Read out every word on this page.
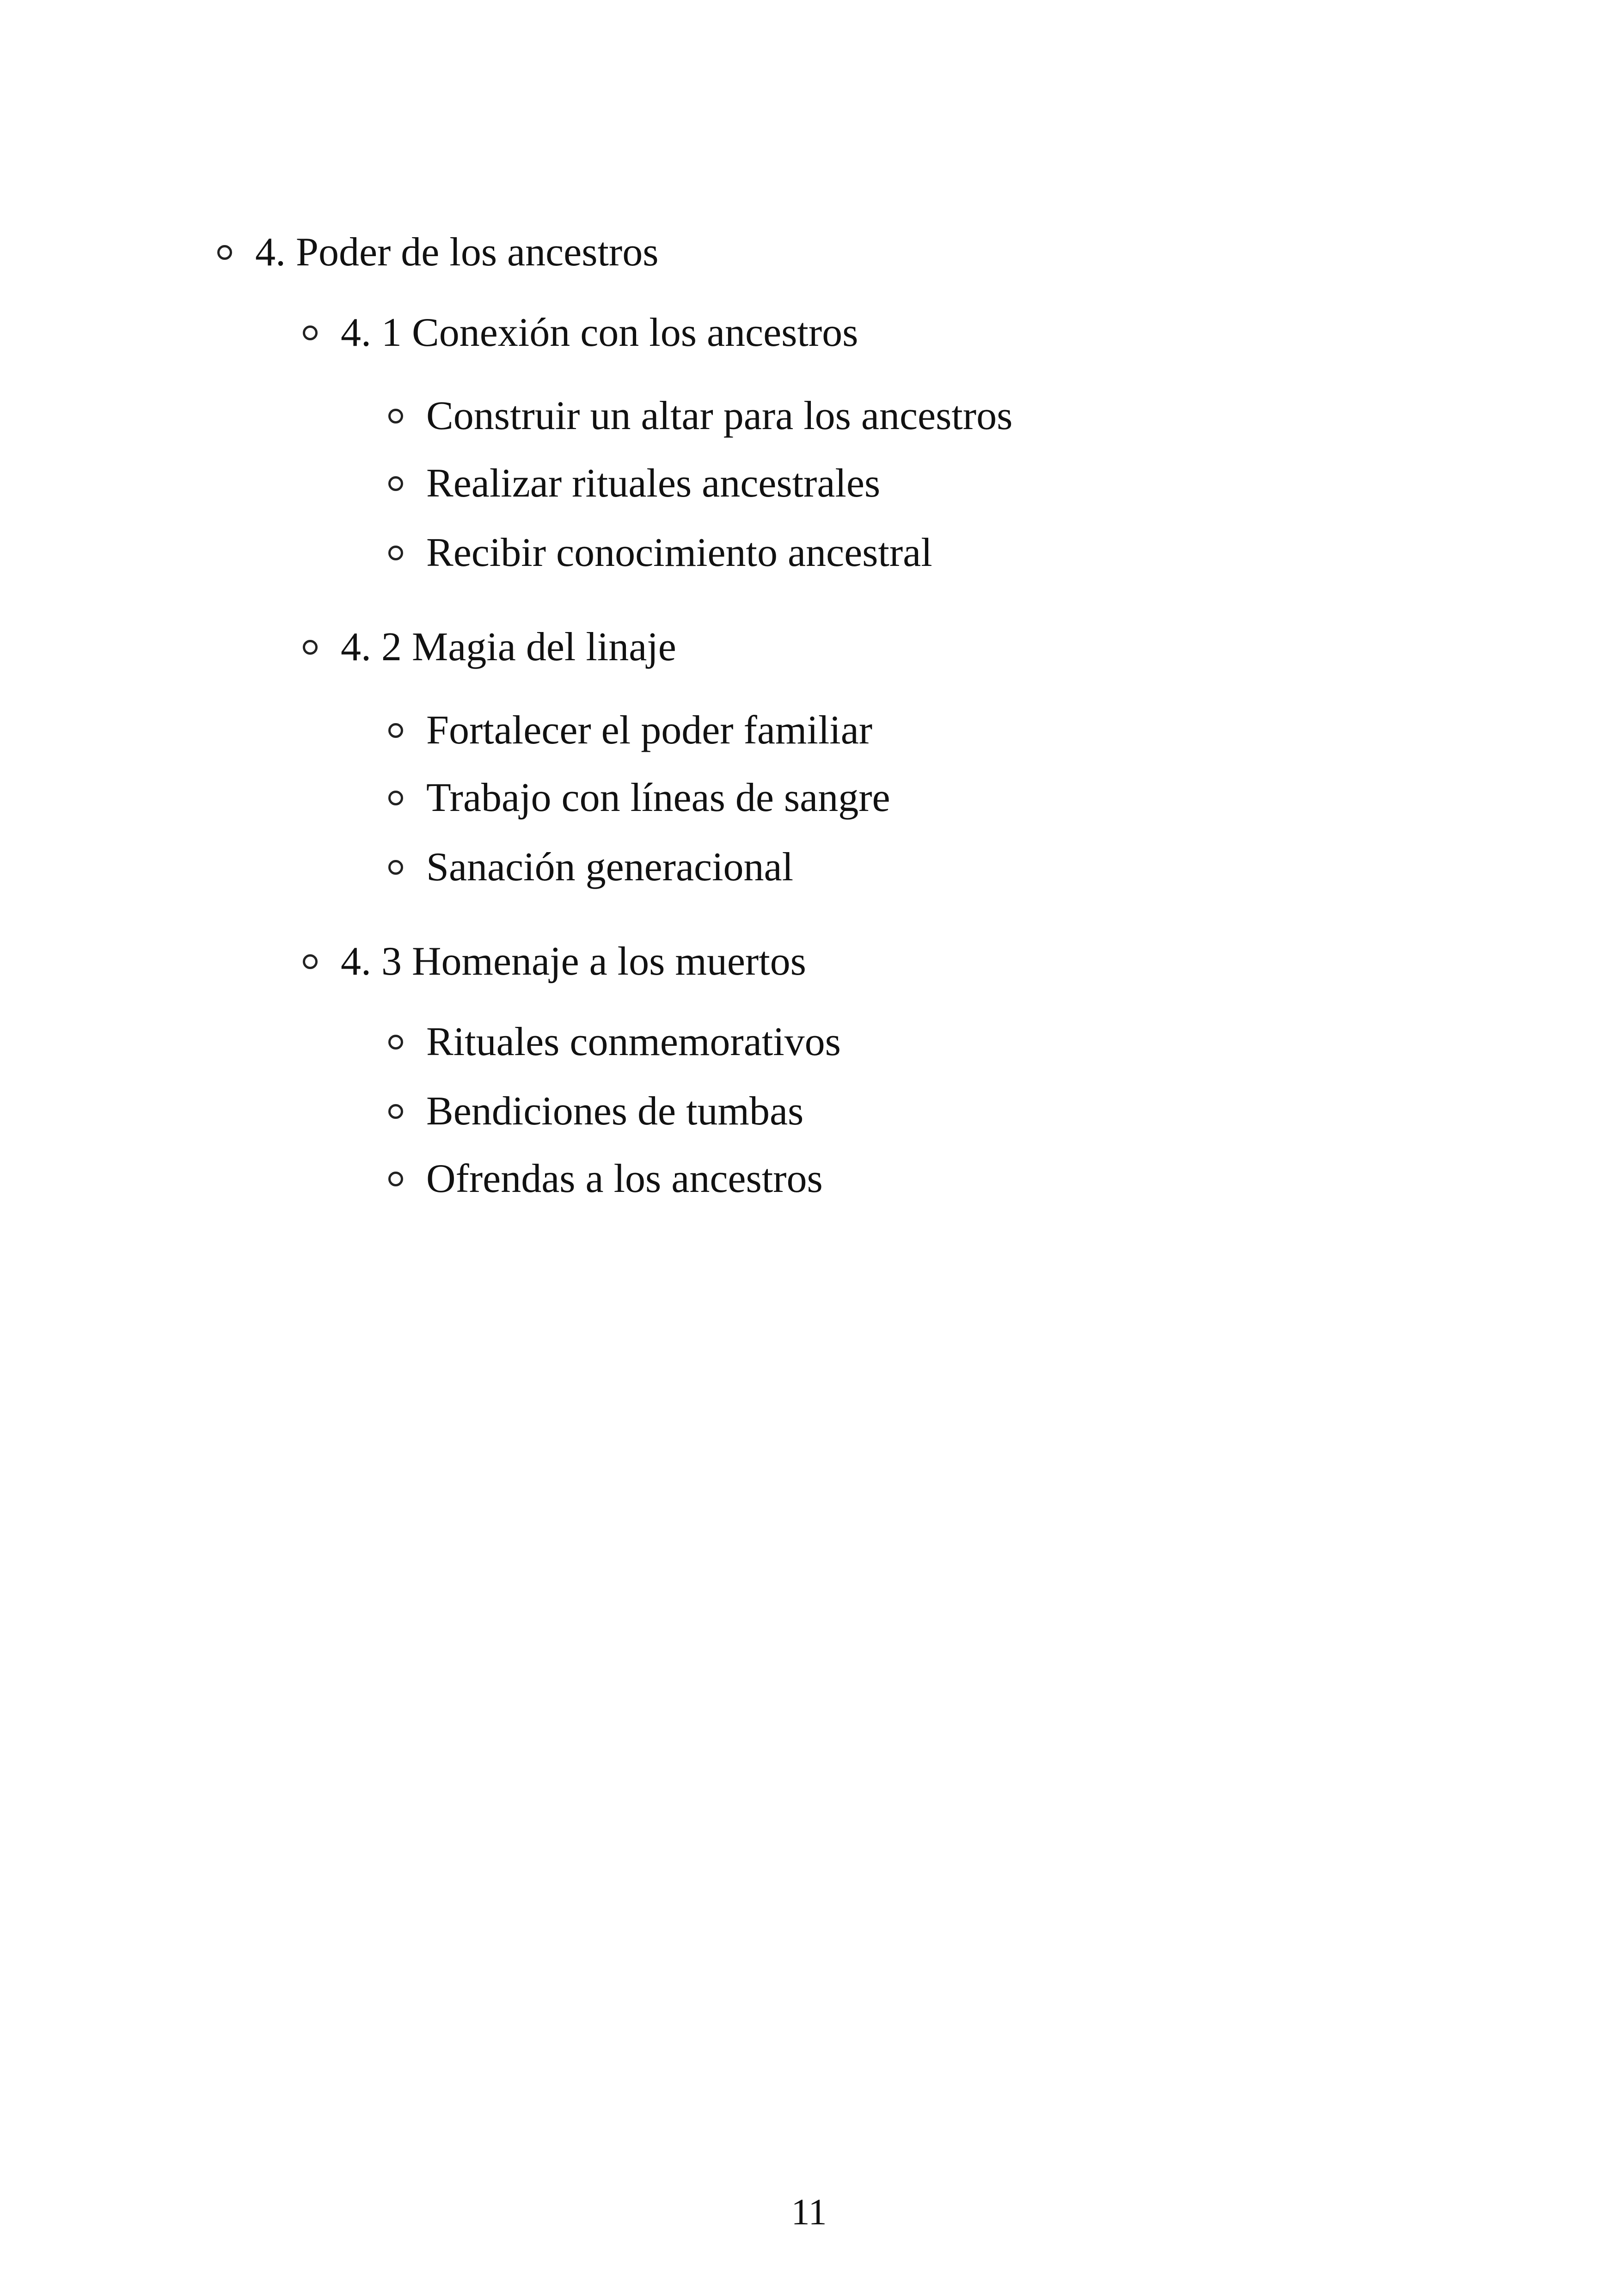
4. Poder de los ancestros
4. 1 Conexión con los ancestros
Construir un altar para los ancestros
Realizar rituales ancestrales
Recibir conocimiento ancestral
4. 2 Magia del linaje
Fortalecer el poder familiar
Trabajo con líneas de sangre
Sanación generacional
4. 3 Homenaje a los muertos
Rituales conmemorativos
Bendiciones de tumbas
Ofrendas a los ancestros
11
